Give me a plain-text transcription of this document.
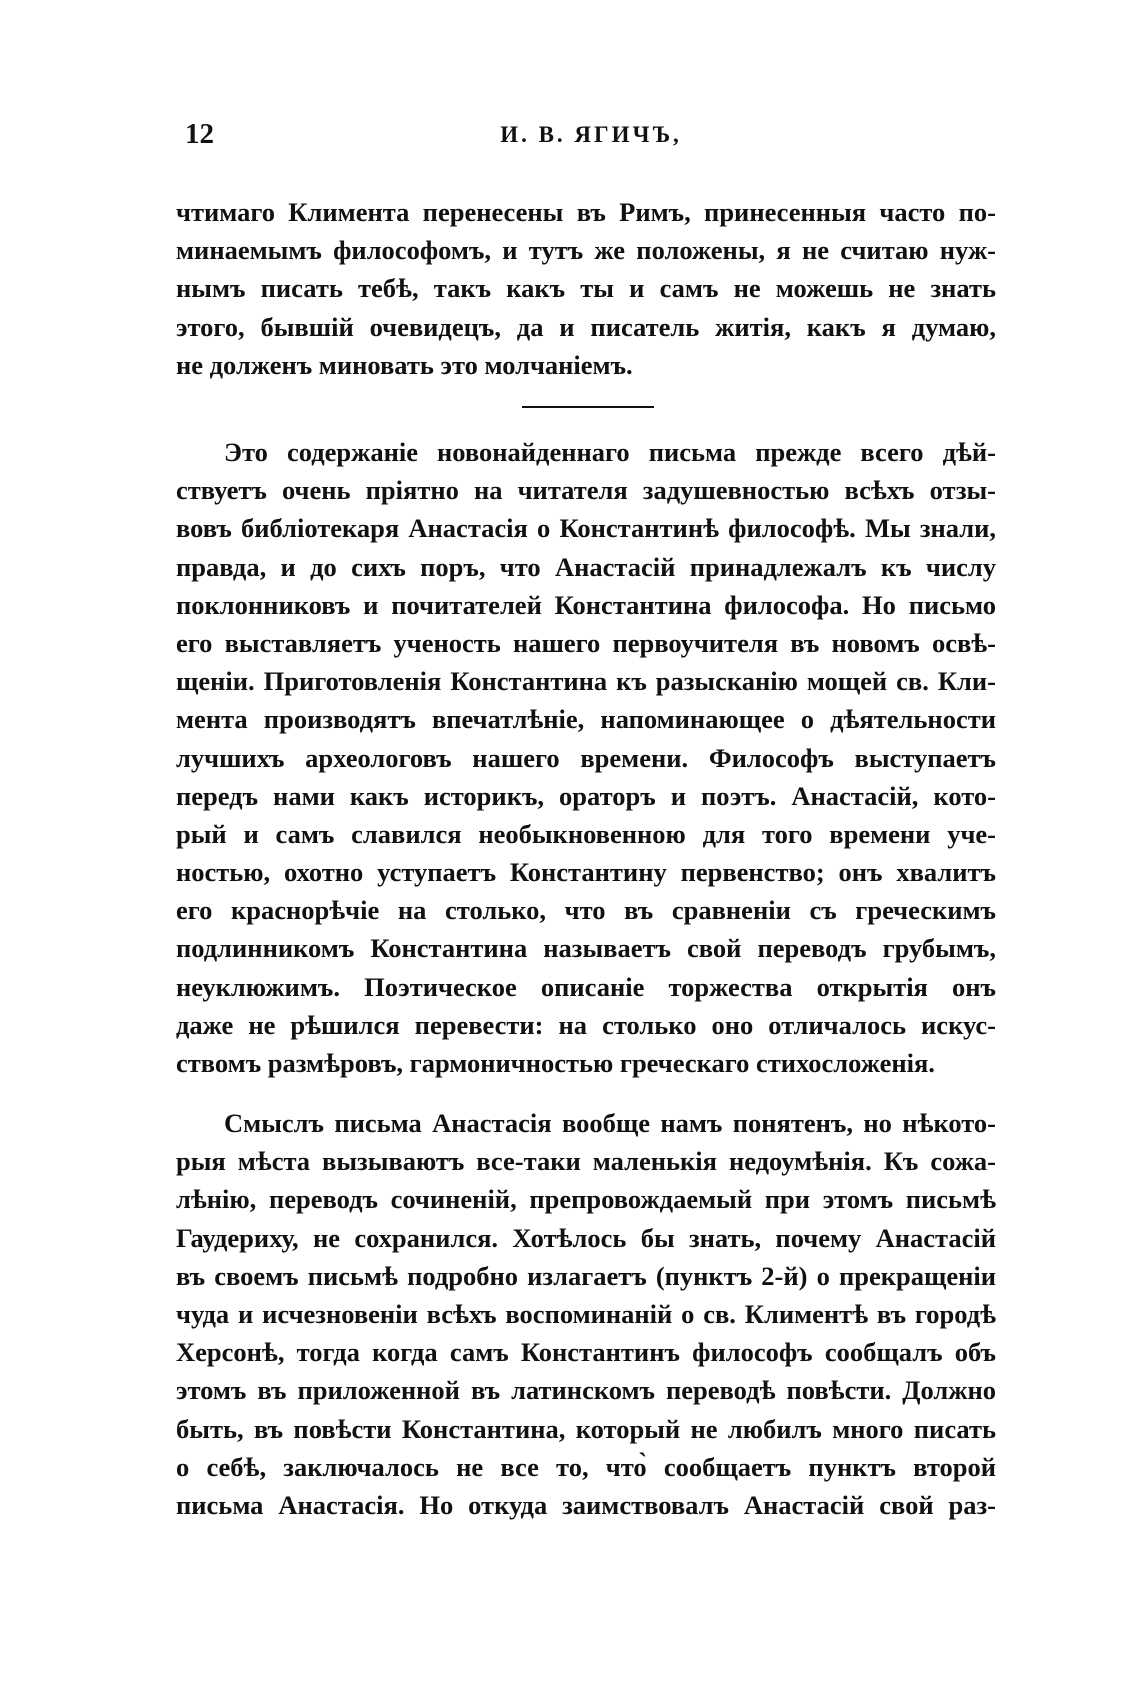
12	И. В. ЯГИЧЪ,
чтимаго Климента перенесены въ Римъ, принесенныя часто по-
минаемымъ философомъ, и тутъ же положены, я не считаю нуж-
нымъ писать тебѣ, такъ какъ ты и самъ не можешь не знать
этого, бывшій очевидецъ, да и писатель житія, какъ я думаю,
не долженъ миновать это молчаніемъ.
Это содержаніе новонайденнаго письма прежде всего дѣй-
ствуетъ очень пріятно на читателя задушевностью всѣхъ отзы-
вовъ библіотекаря Анастасія о Константинѣ философѣ. Мы знали,
правда, и до сихъ поръ, что Анастасій принадлежалъ къ числу
поклонниковъ и почитателей Константина философа. Но письмо
его выставляетъ ученость нашего первоучителя въ новомъ освѣ-
щеніи. Приготовленія Константина къ разысканію мощей св. Кли-
мента производятъ впечатлѣніе, напоминающее о дѣятельности
лучшихъ археологовъ нашего времени. Философъ выступаетъ
передъ нами какъ историкъ, ораторъ и поэтъ. Анастасій, кото-
рый и самъ славился необыкновенною для того времени уче-
ностью, охотно уступаетъ Константину первенство; онъ хвалитъ
его краснорѣчіе на столько, что въ сравненіи съ греческимъ
подлинникомъ Константина называетъ свой переводъ грубымъ,
неуклюжимъ. Поэтическое описаніе торжества открытія онъ
даже не рѣшился перевести: на столько оно отличалось искус-
ствомъ размѣровъ, гармоничностью греческаго стихосложенія.
Смыслъ письма Анастасія вообще намъ понятенъ, но нѣкото-
рыя мѣста вызываютъ все-таки маленькія недоумѣнія. Къ сожа-
лѣнію, переводъ сочиненій, препровождаемый при этомъ письмѣ
Гаудериху, не сохранился. Хотѣлось бы знать, почему Анастасій
въ своемъ письмѣ подробно излагаетъ (пунктъ 2-й) о прекращеніи
чуда и исчезновеніи всѣхъ воспоминаній о св. Климентѣ въ городѣ
Херсонѣ, тогда когда самъ Константинъ философъ сообщалъ объ
этомъ въ приложенной въ латинскомъ переводѣ повѣсти. Должно
быть, въ повѣсти Константина, который не любилъ много писать
о себѣ, заключалось не все то, что̀ сообщаетъ пунктъ второй
письма Анастасія. Но откуда заимствовалъ Анастасій свой раз-
